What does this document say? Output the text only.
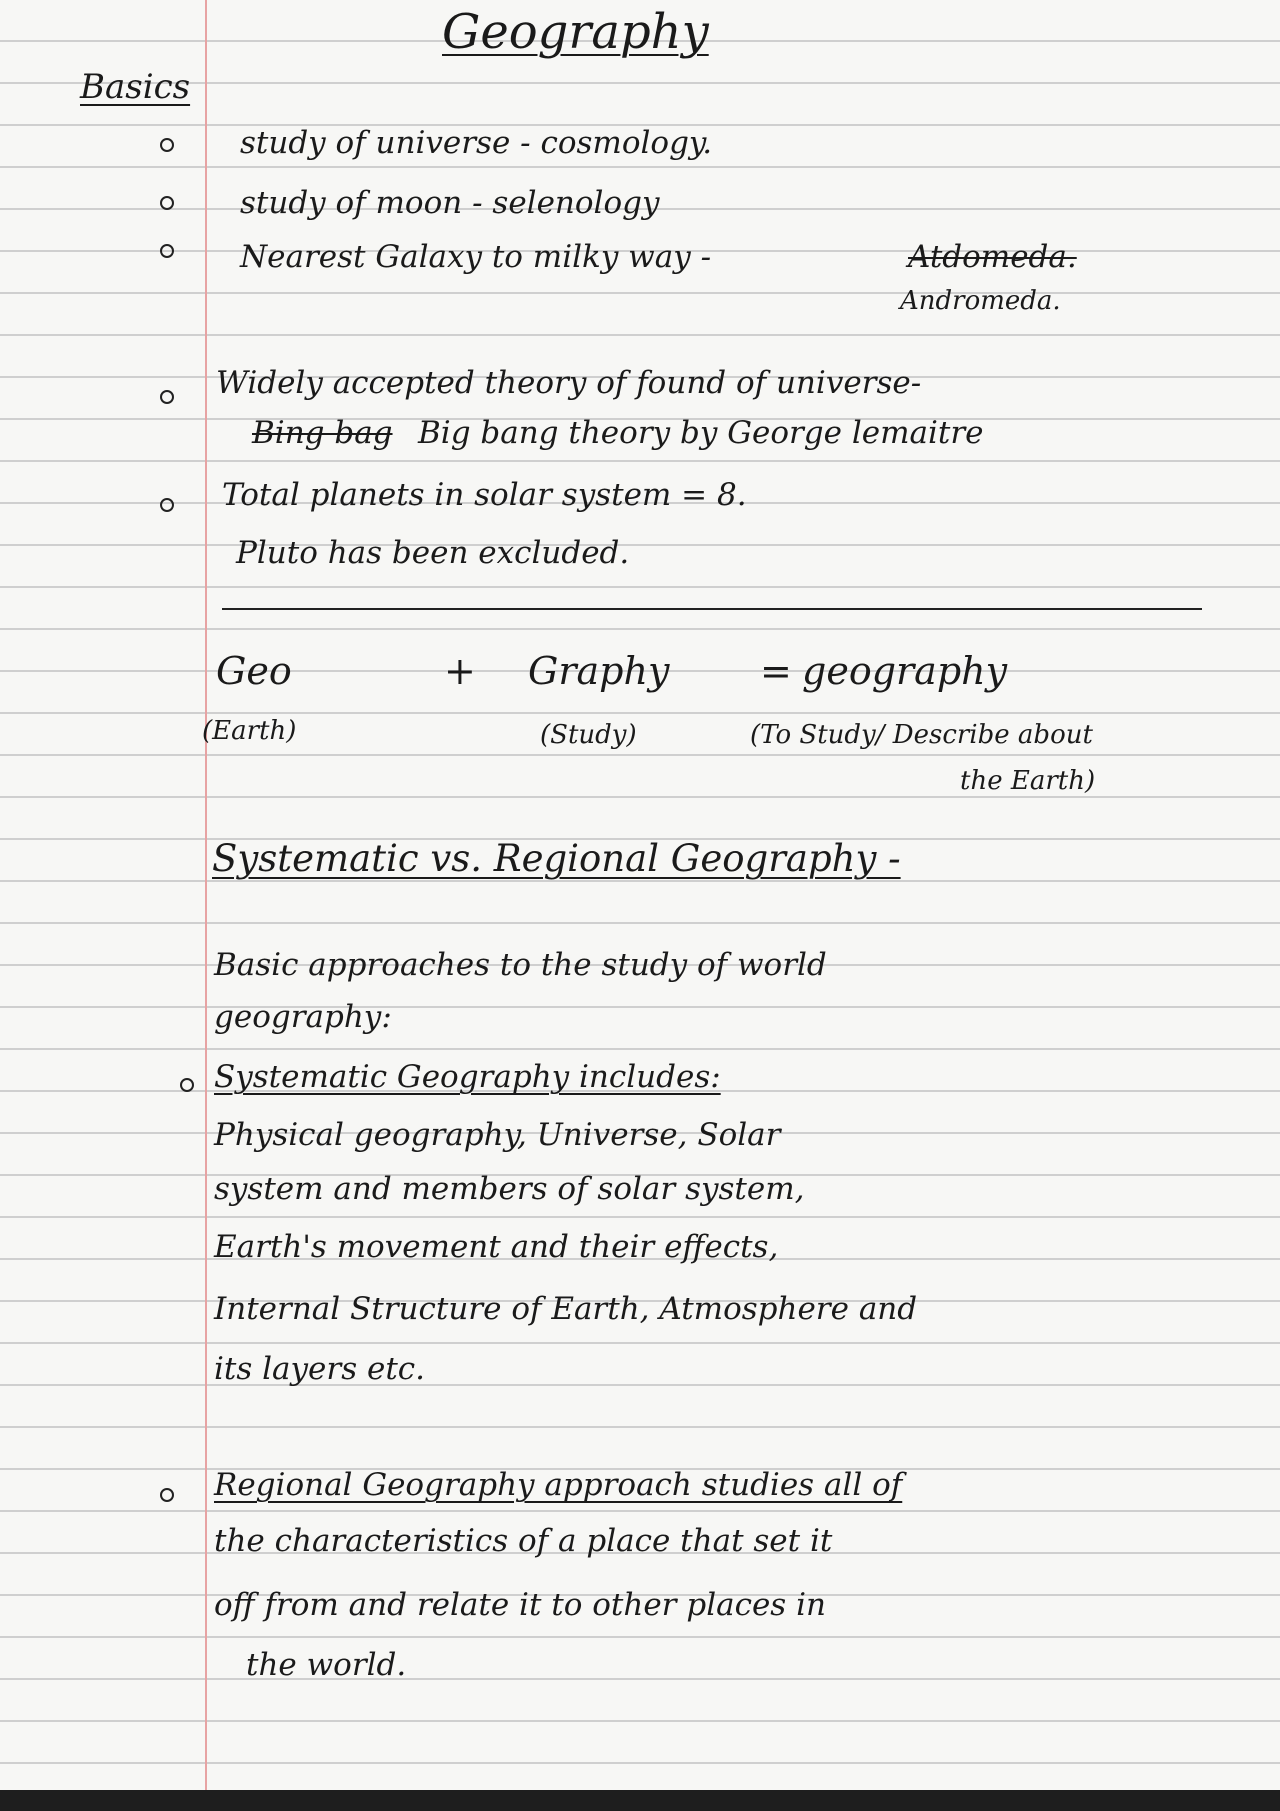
Geography
Basics
study of universe - cosmology.
study of moon - selenology
Nearest Galaxy to milky way -	Atdomeda.
Andromeda.
Widely accepted theory of found of universe-
Bing bag Big bang theory by George lemaitre
Total planets in solar system = 8.
Pluto has been excluded.
Geo	+ Graphy = geography
(Earth)	(Study)	(To Study/ Describe about
the Earth)
Systematic vs. Regional Geography -
Basic approaches to the study of world
geography:
Systematic Geography includes:
Physical geography, Universe, Solar
system and members of solar system,
Earth's movement and their effects,
Internal Structure of Earth, Atmosphere and
its layers etc.
Regional Geography approach studies all of
the characteristics of a place that set it
off from and relate it to other places in
the world.
